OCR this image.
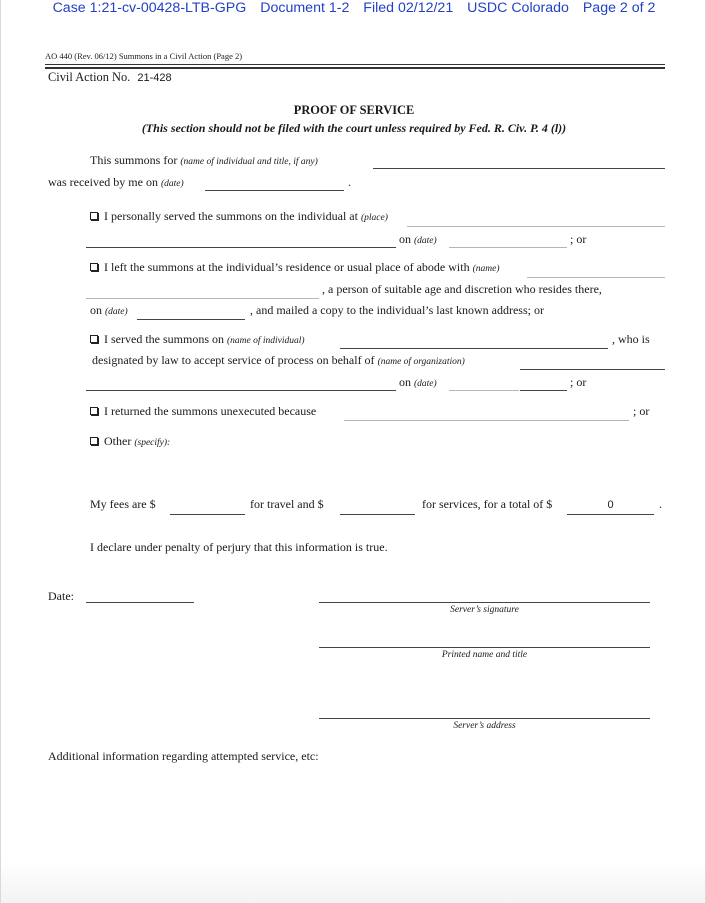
Case 1:21-cv-00428-LTB-GPG Document 1-2 Filed 02/12/21 USDC Colorado Page 2 of 2
AO 440 (Rev. 06/12) Summons in a Civil Action (Page 2)
Civil Action No. 21-428
PROOF OF SERVICE
(This section should not be filed with the court unless required by Fed. R. Civ. P. 4 (l))
This summons for (name of individual and title, if any)
was received by me on (date)	.
I personally served the summons on the individual at (place)
on (date)	; or
I left the summons at the individual’s residence or usual place of abode with (name)
, a person of suitable age and discretion who resides there,
on (date)	, and mailed a copy to the individual’s last known address; or
I served the summons on (name of individual)	, who is
designated by law to accept service of process on behalf of (name of organization)
on (date)	; or
I returned the summons unexecuted because	; or
Other (specify):
My fees are $	for travel and $	for services, for a total of $	0	.
I declare under penalty of perjury that this information is true.
Date:
Server’s signature
Printed name and title
Server’s address
Additional information regarding attempted service, etc:
